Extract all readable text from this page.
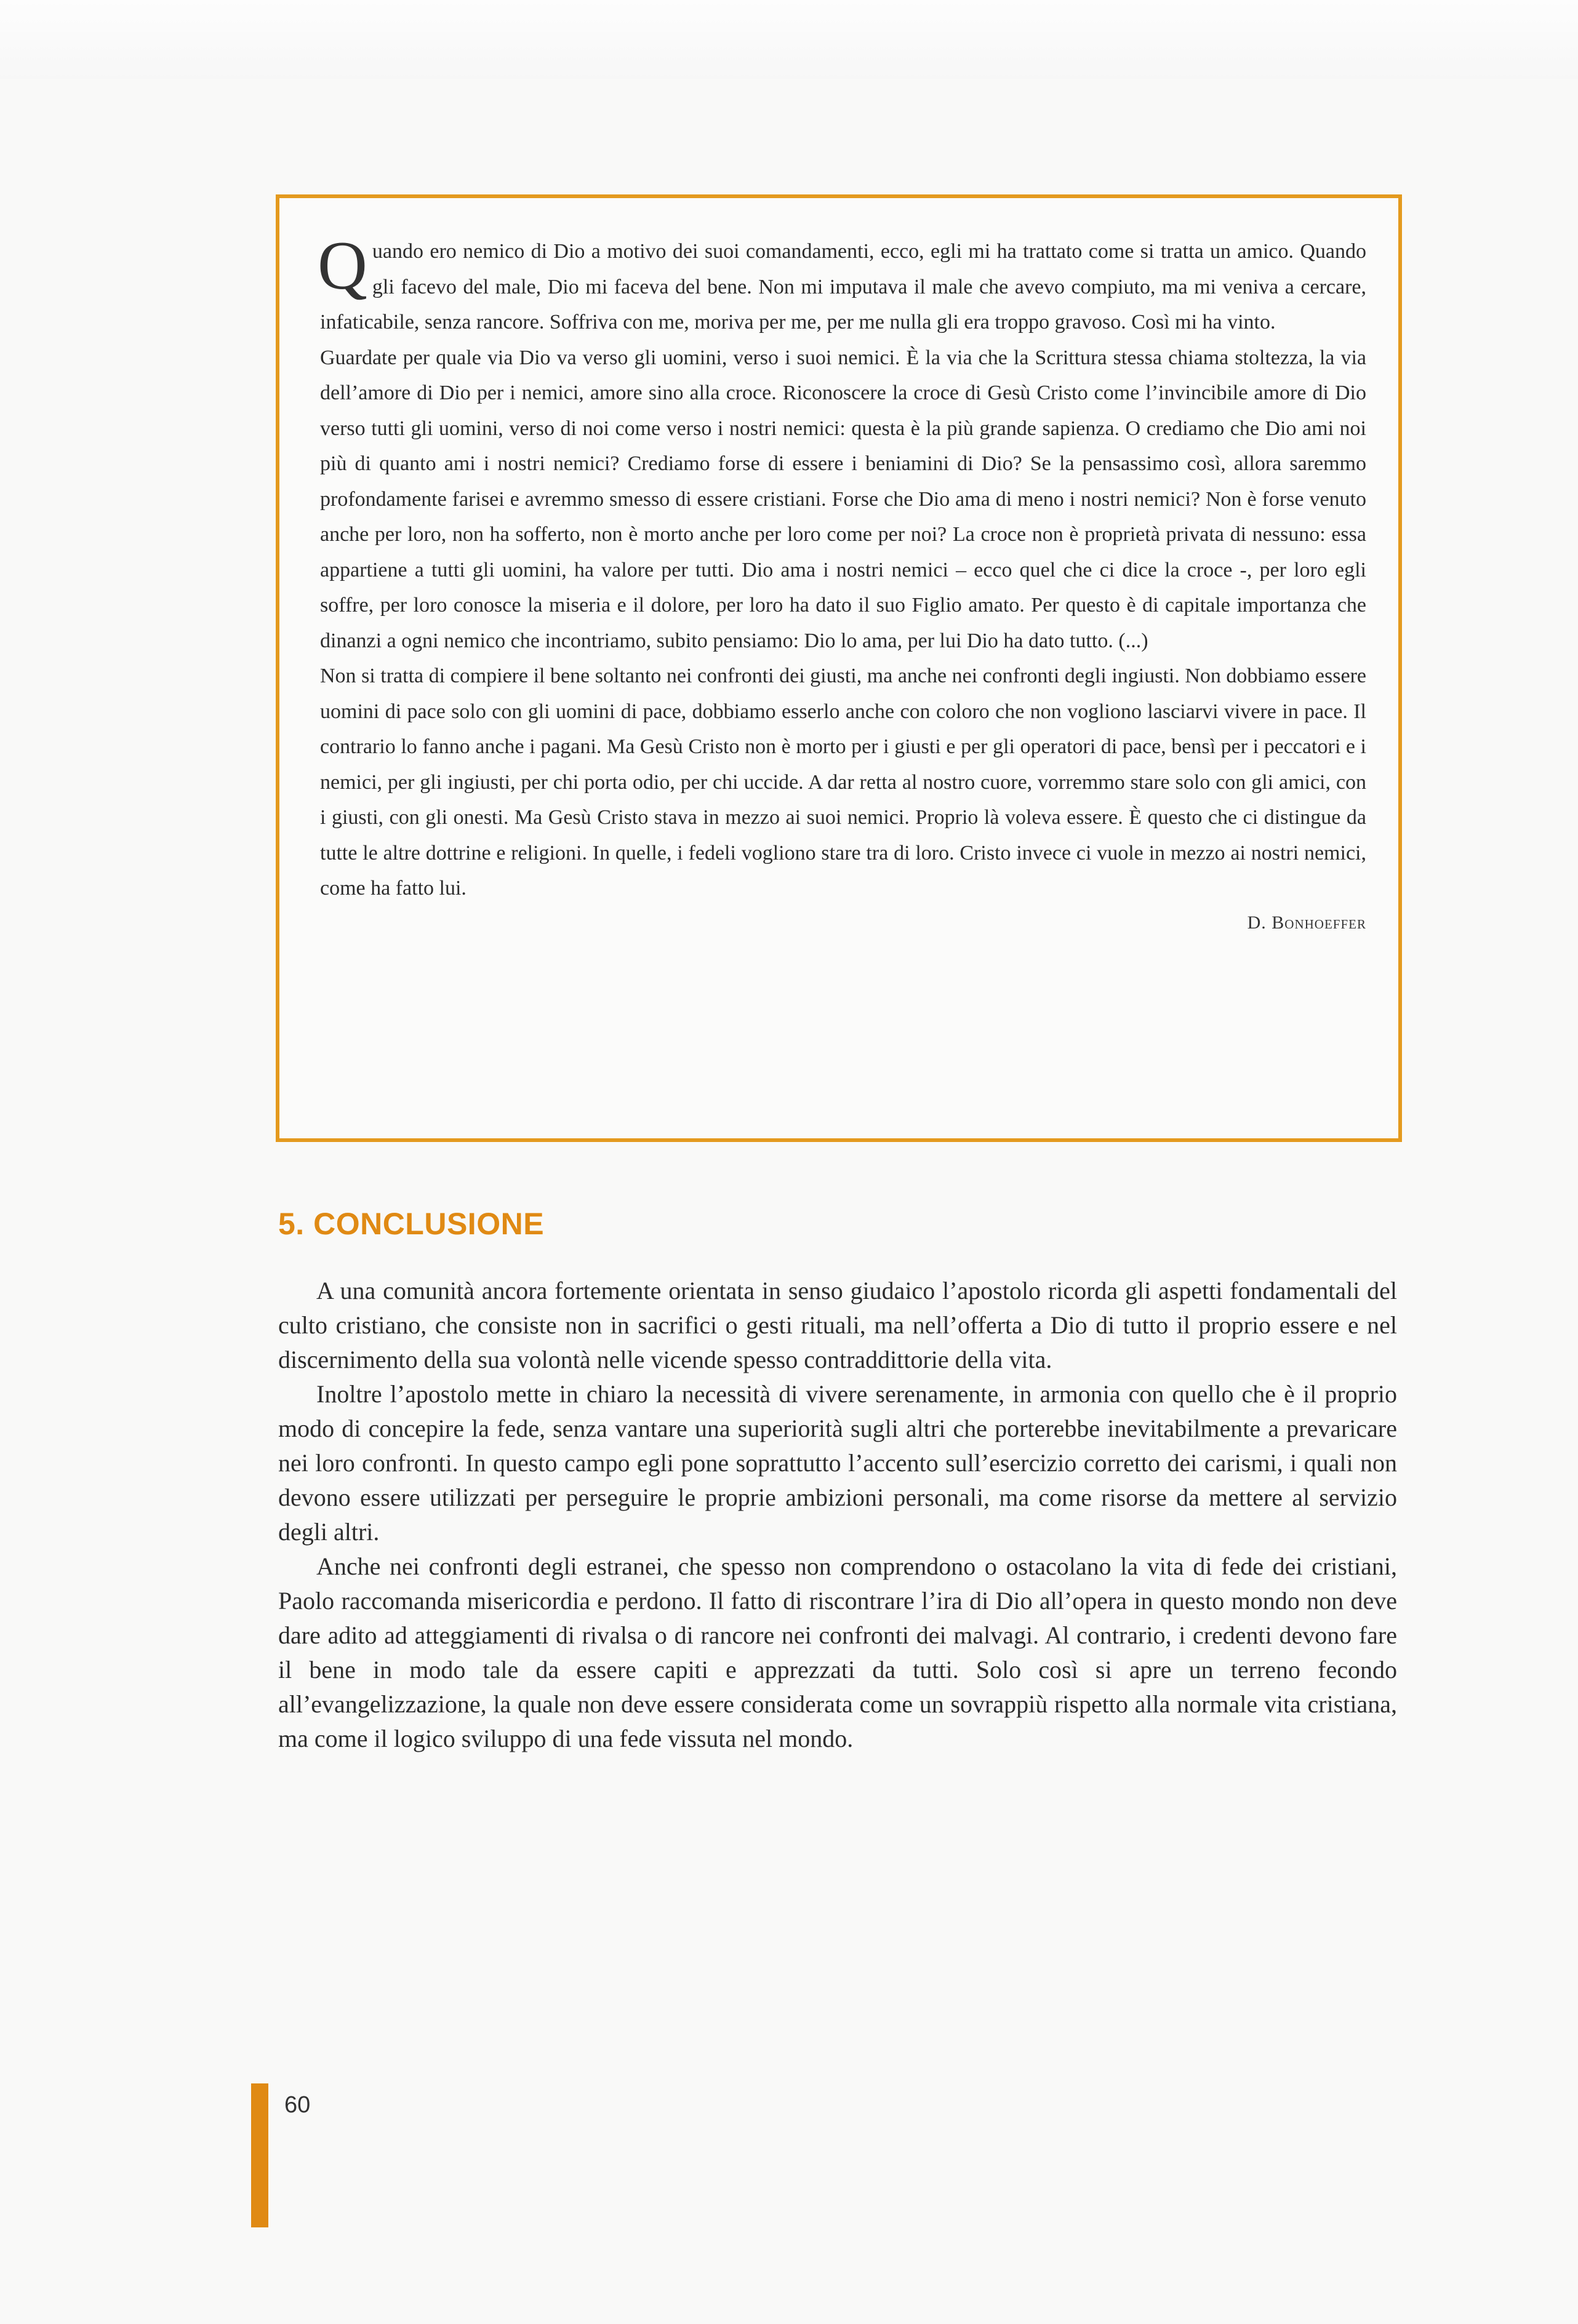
Quando ero nemico di Dio a motivo dei suoi comandamenti, ecco, egli mi ha trattato come si tratta un amico. Quando gli facevo del male, Dio mi faceva del bene. Non mi imputava il male che avevo compiuto, ma mi veniva a cercare, infaticabile, senza rancore. Soffriva con me, moriva per me, per me nulla gli era troppo gravoso. Così mi ha vinto.

Guardate per quale via Dio va verso gli uomini, verso i suoi nemici. È la via che la Scrittura stessa chiama stoltezza, la via dell’amore di Dio per i nemici, amore sino alla croce. Riconoscere la croce di Gesù Cristo come l’invincibile amore di Dio verso tutti gli uomini, verso di noi come verso i nostri nemici: questa è la più grande sapienza. O crediamo che Dio ami noi più di quanto ami i nostri nemici? Crediamo forse di essere i beniamini di Dio? Se la pensassimo così, allora saremmo profondamente farisei e avremmo smesso di essere cristiani. Forse che Dio ama di meno i nostri nemici? Non è forse venuto anche per loro, non ha sofferto, non è morto anche per loro come per noi? La croce non è proprietà privata di nessuno: essa appartiene a tutti gli uomini, ha valore per tutti. Dio ama i nostri nemici – ecco quel che ci dice la croce -, per loro egli soffre, per loro conosce la miseria e il dolore, per loro ha dato il suo Figlio amato. Per questo è di capitale importanza che dinanzi a ogni nemico che incontriamo, subito pensiamo: Dio lo ama, per lui Dio ha dato tutto. (...)

Non si tratta di compiere il bene soltanto nei confronti dei giusti, ma anche nei confronti degli ingiusti. Non dobbiamo essere uomini di pace solo con gli uomini di pace, dobbiamo esserlo anche con coloro che non vogliono lasciarvi vivere in pace. Il contrario lo fanno anche i pagani. Ma Gesù Cristo non è morto per i giusti e per gli operatori di pace, bensì per i peccatori e i nemici, per gli ingiusti, per chi porta odio, per chi uccide. A dar retta al nostro cuore, vorremmo stare solo con gli amici, con i giusti, con gli onesti. Ma Gesù Cristo stava in mezzo ai suoi nemici. Proprio là voleva essere. È questo che ci distingue da tutte le altre dottrine e religioni. In quelle, i fedeli vogliono stare tra di loro. Cristo invece ci vuole in mezzo ai nostri nemici, come ha fatto lui.

D. Bonhoeffer
5. CONCLUSIONE

A una comunità ancora fortemente orientata in senso giudaico l’apostolo ricorda gli aspetti fondamentali del culto cristiano, che consiste non in sacrifici o gesti rituali, ma nell’offerta a Dio di tutto il proprio essere e nel discernimento della sua volontà nelle vicende spesso contraddittorie della vita.

Inoltre l’apostolo mette in chiaro la necessità di vivere serenamente, in armonia con quello che è il proprio modo di concepire la fede, senza vantare una superiorità sugli altri che porterebbe inevitabilmente a prevaricare nei loro confronti. In questo campo egli pone soprattutto l’accento sull’esercizio corretto dei carismi, i quali non devono essere utilizzati per perseguire le proprie ambizioni personali, ma come risorse da mettere al servizio degli altri.

Anche nei confronti degli estranei, che spesso non comprendono o ostacolano la vita di fede dei cristiani, Paolo raccomanda misericordia e perdono. Il fatto di riscontrare l’ira di Dio all’opera in questo mondo non deve dare adito ad atteggiamenti di rivalsa o di rancore nei confronti dei malvagi. Al contrario, i credenti devono fare il bene in modo tale da essere capiti e apprezzati da tutti. Solo così si apre un terreno fecondo all’evangelizzazione, la quale non deve essere considerata come un sovrappiù rispetto alla normale vita cristiana, ma come il logico sviluppo di una fede vissuta nel mondo.

60
